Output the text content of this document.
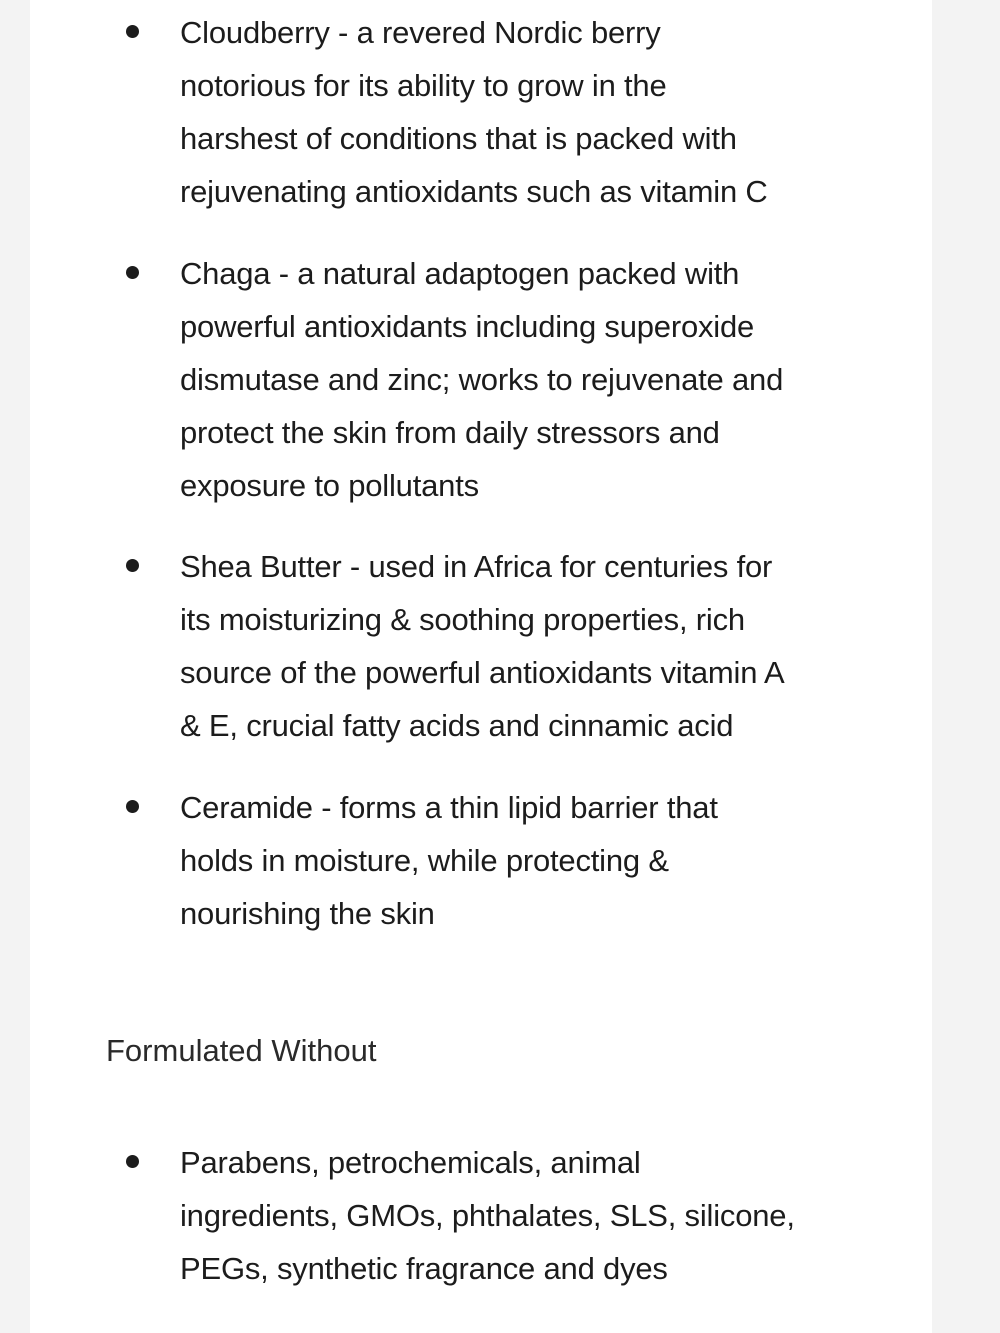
Cloudberry - a revered Nordic berry
notorious for its ability to grow in the
harshest of conditions that is packed with
rejuvenating antioxidants such as vitamin C

Chaga - a natural adaptogen packed with
powerful antioxidants including superoxide
dismutase and zinc; works to rejuvenate and
protect the skin from daily stressors and
exposure to pollutants

Shea Butter - used in Africa for centuries for
its moisturizing & soothing properties, rich
source of the powerful antioxidants vitamin A
& E, crucial fatty acids and cinnamic acid

Ceramide - forms a thin lipid barrier that
holds in moisture, while protecting &
nourishing the skin

Formulated Without

Parabens, petrochemicals, animal
ingredients, GMOs, phthalates, SLS, silicone,
PEGs, synthetic fragrance and dyes
